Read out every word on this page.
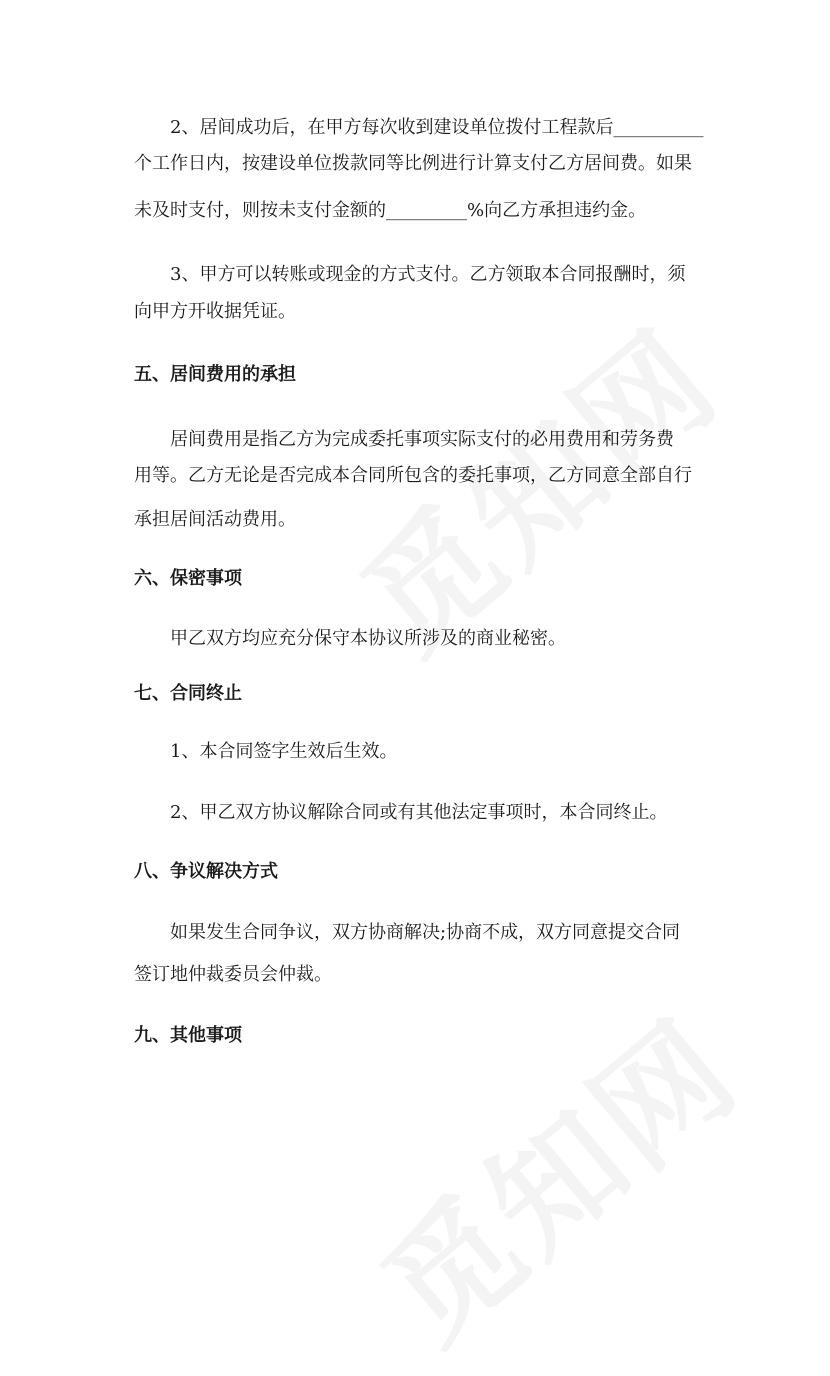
2、居间成功后，在甲方每次收到建设单位拨付工程款后__________
个工作日内，按建设单位拨款同等比例进行计算支付乙方居间费。如果
未及时支付，则按未支付金额的_________%向乙方承担违约金。
3、甲方可以转账或现金的方式支付。乙方领取本合同报酬时，须
向甲方开收据凭证。
五、居间费用的承担
居间费用是指乙方为完成委托事项实际支付的必用费用和劳务费
用等。乙方无论是否完成本合同所包含的委托事项，乙方同意全部自行
承担居间活动费用。
六、保密事项
甲乙双方均应充分保守本协议所涉及的商业秘密。
七、合同终止
1、本合同签字生效后生效。
2、甲乙双方协议解除合同或有其他法定事项时，本合同终止。
八、争议解决方式
如果发生合同争议，双方协商解决;协商不成，双方同意提交合同
签订地仲裁委员会仲裁。
九、其他事项
